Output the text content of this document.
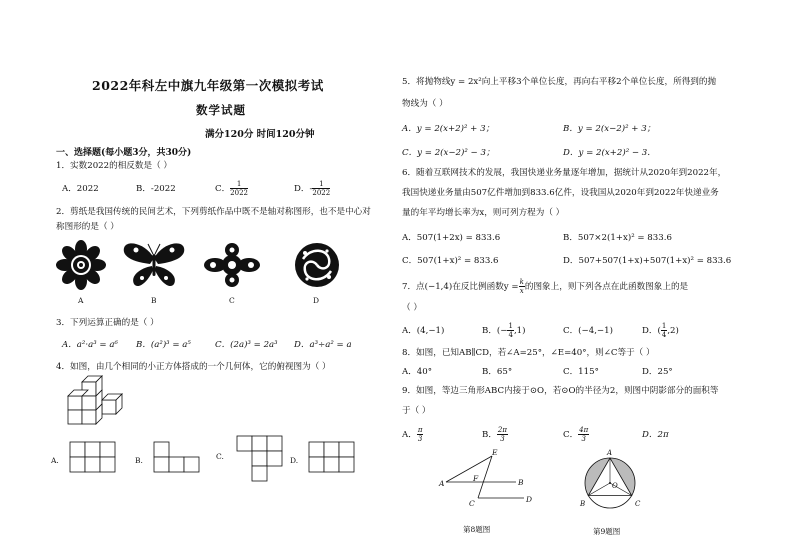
2022年科左中旗九年级第一次模拟考试
数学试题
满分120分 时间120分钟
一、选择题(每小题3分，共30分)
1．实数2022的相反数是（ ）
A．2022	B．-2022	C． $\frac{1}{2022}$	D．- $\frac{1}{2022}$
2．剪纸是我国传统的民间艺术，下列剪纸作品中既不是轴对称图形，也不是中心对
称图形的是（ ）
A	B	C	D
3．下列运算正确的是（ ）
A．a²·a³ = a⁶ B．(a²)³ = a⁵	C．(2a)³ = 2a³ D．a³÷a² = a
4．如图，由几个相同的小正方体搭成的一个几何体，它的俯视图为（ ）
A.	B.	C.	D.
5．将抛物线y = 2x²向上平移3个单位长度，再向右平移2个单位长度，所得到的抛
物线为（ ）
A．y = 2(x+2)² + 3；	B．y = 2(x−2)² + 3；
C．y = 2(x−2)² − 3；	D．y = 2(x+2)² − 3．
6．随着互联网技术的发展，我国快递业务量逐年增加，据统计从2020年到2022年，
我国快递业务量由507亿件增加到833.6亿件，设我国从2020年到2022年快递业务
量的年平均增长率为x，则可列方程为（ ）
A．507(1+2x) = 833.6	B．507×2(1+x)² = 833.6
C．507(1+x)² = 833.6	D．507+507(1+x)+507(1+x)² = 833.6
7．点(−1,4)在反比例函数$y = \frac{k}{x}$ 的图象上，则下列各点在此函数图象上的是
（ ）
A．(4,−1)	B．(− $\frac{1}{4} ,1$)	C．(−4,−1)	D．( $\frac{1}{4} ,2$)
8．如图，已知AB∥CD，若∠A=25°，∠E=40°，则∠C等于（ ）
A．40°	B．65°	C．115°	D．25°
9．如图，等边三角形ABC内接于⊙O，若⊙O的半径为2，则图中阴影部分的面积等
于（ ）
A． $\frac{\pi}{3}$	B． $\frac{2\pi}{3}$	C． $\frac{4\pi}{3}$	D．2π
A	B
C	D
E
F
第8题图
A
B	C
O
第9题图
